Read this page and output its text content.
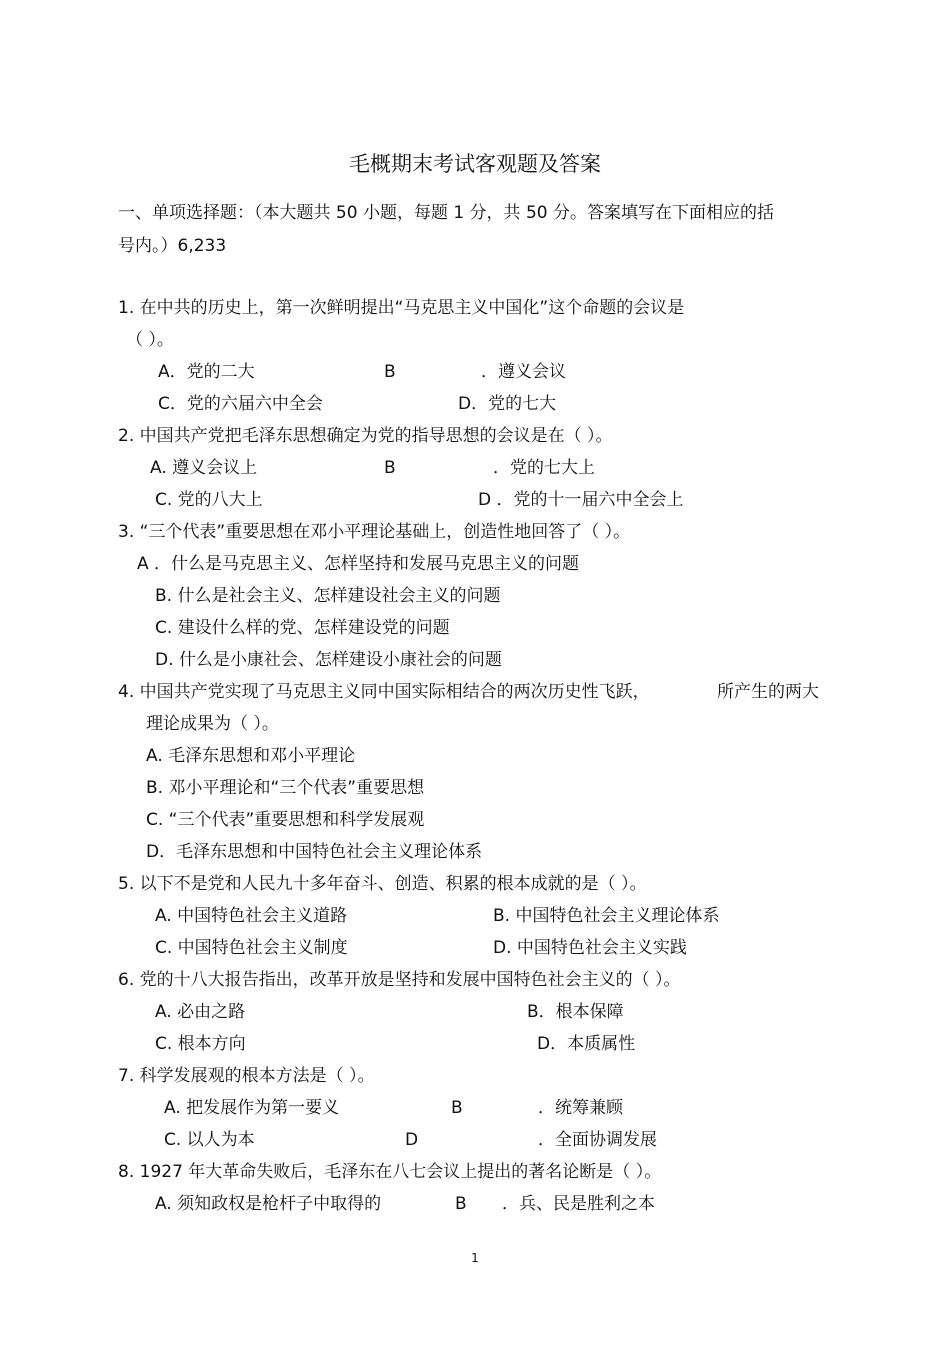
毛概期末考试客观题及答案
一、单项选择题：（本大题共 50 小题，每题 1 分，共 50 分。答案填写在下面相应的括
号内。）6,233
1. 在中共的历史上，第一次鲜明提出“马克思主义中国化”这个命题的会议是
（ ）。
A．党的二大	B	．遵义会议
C．党的六届六中全会	D．党的七大
2. 中国共产党把毛泽东思想确定为党的指导思想的会议是在（ ）。
A. 遵义会议上	B	．党的七大上
C. 党的八大上	D ．党的十一届六中全会上
3. “三个代表”重要思想在邓小平理论基础上，创造性地回答了（ ）。
A ．什么是马克思主义、怎样坚持和发展马克思主义的问题
B. 什么是社会主义、怎样建设社会主义的问题
C. 建设什么样的党、怎样建设党的问题
D. 什么是小康社会、怎样建设小康社会的问题
4. 中国共产党实现了马克思主义同中国实际相结合的两次历史性飞跃，	所产生的两大
理论成果为（ ）。
A. 毛泽东思想和邓小平理论
B. 邓小平理论和“三个代表”重要思想
C. “三个代表”重要思想和科学发展观
D．毛泽东思想和中国特色社会主义理论体系
5. 以下不是党和人民九十多年奋斗、创造、积累的根本成就的是（ ）。
A. 中国特色社会主义道路	B. 中国特色社会主义理论体系
C. 中国特色社会主义制度	D. 中国特色社会主义实践
6. 党的十八大报告指出，改革开放是坚持和发展中国特色社会主义的（ ）。
A. 必由之路	B．根本保障
C. 根本方向	D．本质属性
7. 科学发展观的根本方法是（ ）。
A. 把发展作为第一要义	B	．统筹兼顾
C. 以人为本	D	．全面协调发展
8. 1927 年大革命失败后，毛泽东在八七会议上提出的著名论断是（ ）。
A. 须知政权是枪杆子中取得的	B ．兵、民是胜利之本
1
